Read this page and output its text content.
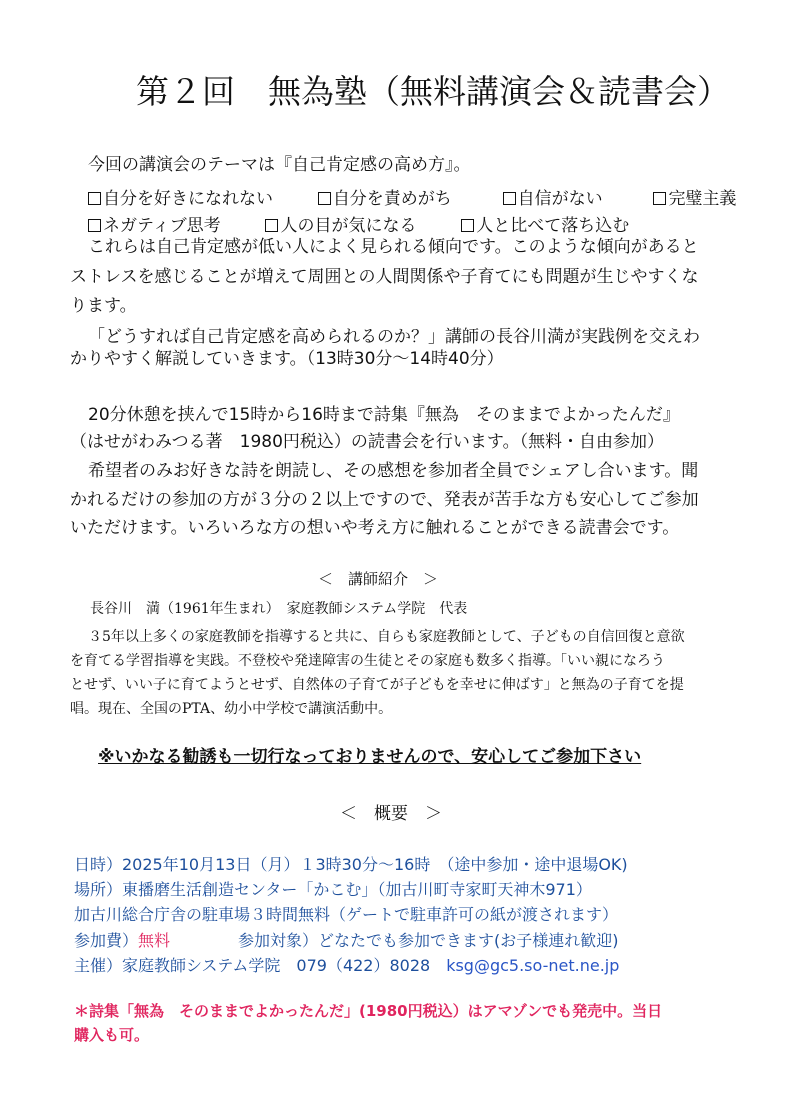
第２回　無為塾（無料講演会＆読書会）
今回の講演会のテーマは『自己肯定感の高め方』。
自分を好きになれない	自分を責めがち	自信がない	完璧主義
ネガティブ思考	人の目が気になる	人と比べて落ち込む
これらは自己肯定感が低い人によく見られる傾向です。このような傾向があると
ストレスを感じることが増えて周囲との人間関係や子育てにも問題が生じやすくな
ります。
「どうすれば自己肯定感を高められるのか？」講師の長谷川満が実践例を交えわ
かりやすく解説していきます。（13時30分～14時40分）
20分休憩を挟んで15時から16時まで詩集『無為　そのままでよかったんだ』
（はせがわみつる著　1980円税込）の読書会を行います。（無料・自由参加）
希望者のみお好きな詩を朗読し、その感想を参加者全員でシェアし合います。聞
かれるだけの参加の方が３分の２以上ですので、発表が苦手な方も安心してご参加
いただけます。いろいろな方の想いや考え方に触れることができる読書会です。
＜　講師紹介　＞
長谷川　満（1961年生まれ）　家庭教師システム学院　代表
３5年以上多くの家庭教師を指導すると共に、自らも家庭教師として、子どもの自信回復と意欲
を育てる学習指導を実践。不登校や発達障害の生徒とその家庭も数多く指導。「いい親になろう
とせず、いい子に育てようとせず、自然体の子育てが子どもを幸せに伸ばす」と無為の子育てを提
唱。現在、全国のPTA、幼小中学校で講演活動中。
※いかなる勧誘も一切行なっておりませんので、安心してご参加下さい
＜　概要　＞
日時）2025年10月13日（月）１3時30分～16時　（途中参加・途中退場OK)
場所）東播磨生活創造センター「かこむ」（加古川町寺家町天神木971）
加古川総合庁舎の駐車場３時間無料（ゲートで駐車許可の紙が渡されます）
参加費）無料	参加対象）どなたでも参加できます(お子様連れ歓迎)
主催）家庭教師システム学院　079（422）8028 ksg@gc5.so-net.ne.jp
＊詩集「無為　そのままでよかったんだ」(1980円税込）はアマゾンでも発売中。当日
購入も可。
